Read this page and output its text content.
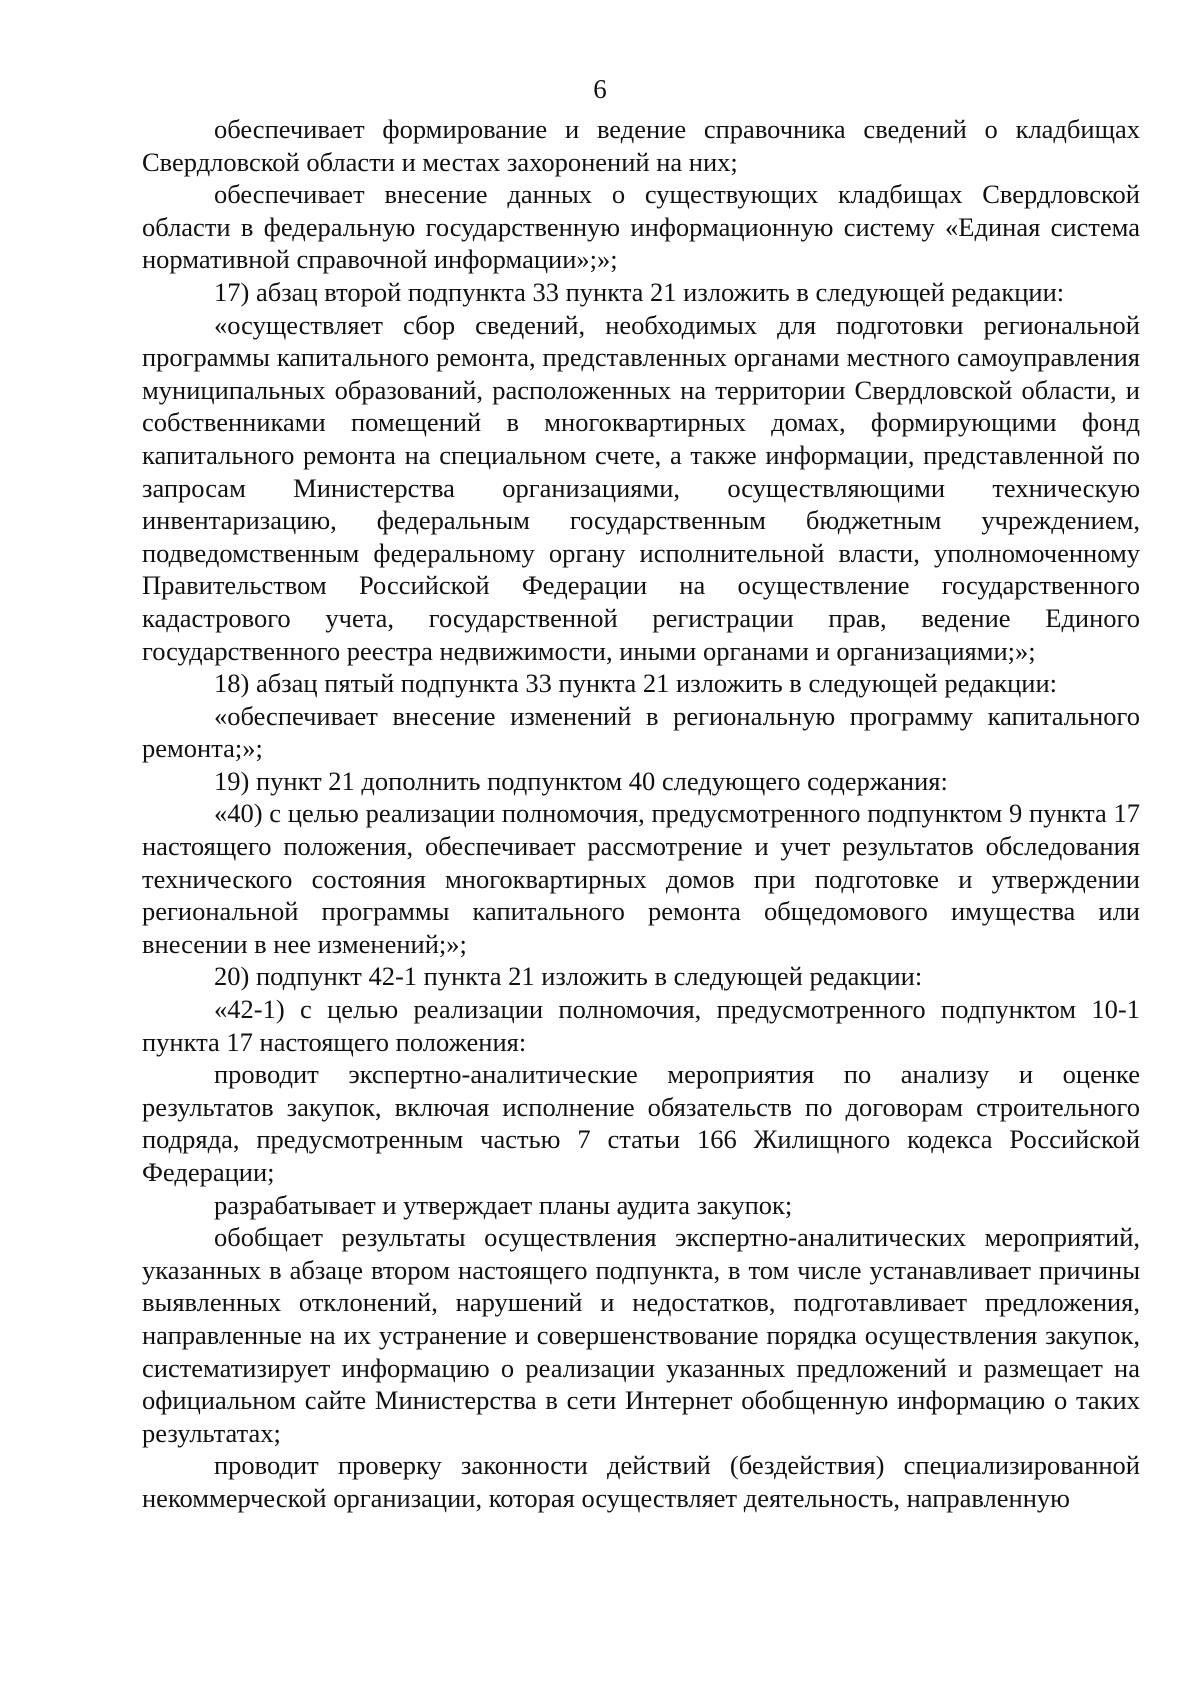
6

обеспечивает формирование и ведение справочника сведений о кладбищах Свердловской области и местах захоронений на них;

обеспечивает внесение данных о существующих кладбищах Свердловской области в федеральную государственную информационную систему «Единая система нормативной справочной информации»;»;

17) абзац второй подпункта 33 пункта 21 изложить в следующей редакции:

«осуществляет сбор сведений, необходимых для подготовки региональной программы капитального ремонта, представленных органами местного самоуправления муниципальных образований, расположенных на территории Свердловской области, и собственниками помещений в многоквартирных домах, формирующими фонд капитального ремонта на специальном счете, а также информации, представленной по запросам Министерства организациями, осуществляющими техническую инвентаризацию, федеральным государственным бюджетным учреждением, подведомственным федеральному органу исполнительной власти, уполномоченному Правительством Российской Федерации на осуществление государственного кадастрового учета, государственной регистрации прав, ведение Единого государственного реестра недвижимости, иными органами и организациями;»;

18) абзац пятый подпункта 33 пункта 21 изложить в следующей редакции:

«обеспечивает внесение изменений в региональную программу капитального ремонта;»;

19) пункт 21 дополнить подпунктом 40 следующего содержания:

«40) с целью реализации полномочия, предусмотренного подпунктом 9 пункта 17 настоящего положения, обеспечивает рассмотрение и учет результатов обследования технического состояния многоквартирных домов при подготовке и утверждении региональной программы капитального ремонта общедомового имущества или внесении в нее изменений;»;

20) подпункт 42-1 пункта 21 изложить в следующей редакции:

«42-1) с целью реализации полномочия, предусмотренного подпунктом 10-1 пункта 17 настоящего положения:

проводит экспертно-аналитические мероприятия по анализу и оценке результатов закупок, включая исполнение обязательств по договорам строительного подряда, предусмотренным частью 7 статьи 166 Жилищного кодекса Российской Федерации;

разрабатывает и утверждает планы аудита закупок;

обобщает результаты осуществления экспертно-аналитических мероприятий, указанных в абзаце втором настоящего подпункта, в том числе устанавливает причины выявленных отклонений, нарушений и недостатков, подготавливает предложения, направленные на их устранение и совершенствование порядка осуществления закупок, систематизирует информацию о реализации указанных предложений и размещает на официальном сайте Министерства в сети Интернет обобщенную информацию о таких результатах;

проводит проверку законности действий (бездействия) специализированной некоммерческой организации, которая осуществляет деятельность, направленную
